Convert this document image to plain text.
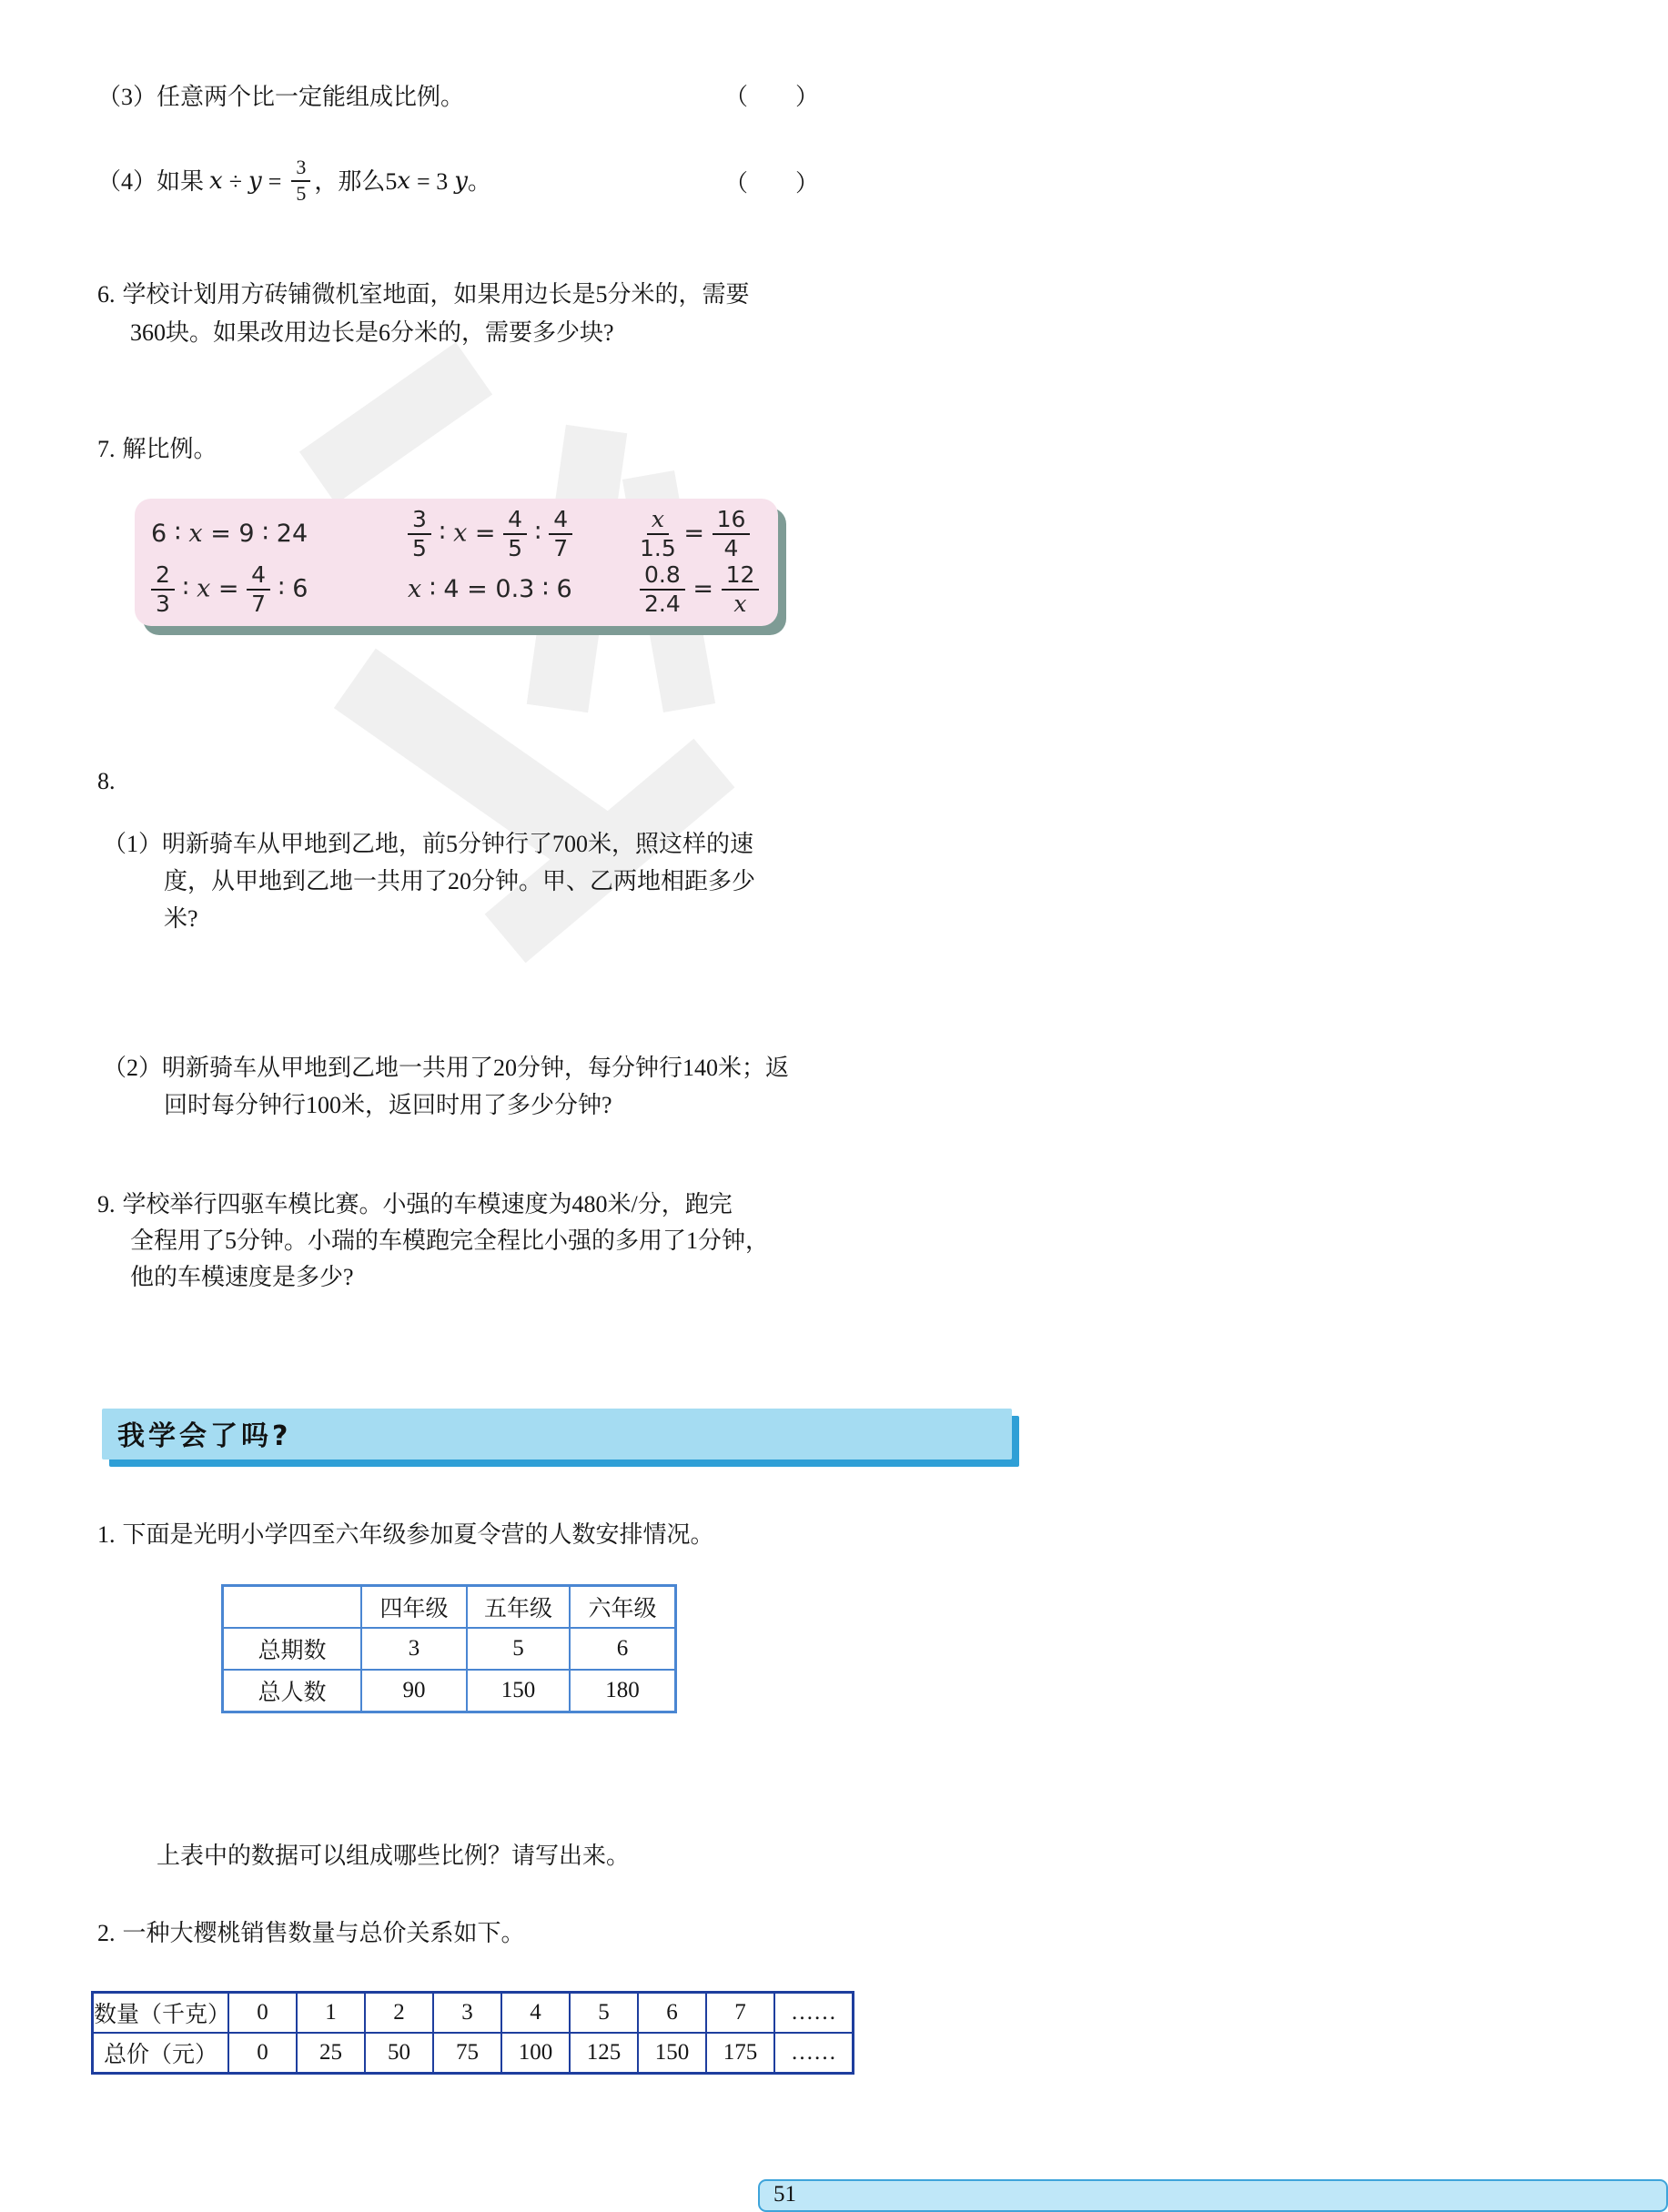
（3）任意两个比一定能组成比例。	（　　）
（4） 如果 $x \div y = \frac{3}{5}$ ，那么5 x = 3 y 。	（　　）
6. 学校计划用方砖铺微机室地面，如果用边长是5分米的，需要
360块。如果改用边长是6分米的，需要多少块?
7. 解比例。
6 ∶ x = 9 ∶ 24	$\frac{3}{5}$ ∶ $x = \frac{4}{5}$ ∶ $\frac{4}{7}$	$\frac{x}{1.5} = \frac{16}{4}$
$\frac{2}{3}$ ∶ $x = \frac{4}{7}$ ∶ 6	x ∶ 4 = 0.3 ∶ 6	$\frac{0.8}{2.4} = \frac{12}{x}$
8.
（1）明新骑车从甲地到乙地，前5分钟行了700米，照这样的速
度，从甲地到乙地一共用了20分钟。甲、乙两地相距多少
米?
（2）明新骑车从甲地到乙地一共用了20分钟，每分钟行140米；返
回时每分钟行100米，返回时用了多少分钟?
9. 学校举行四驱车模比赛。小强的车模速度为480米/分，跑完
全程用了5分钟。小瑞的车模跑完全程比小强的多用了1分钟，
他的车模速度是多少?
我学会了吗?
1. 下面是光明小学四至六年级参加夏令营的人数安排情况。
	四年级	五年级	六年级
总期数	3	5	6
总人数	90	150	180
上表中的数据可以组成哪些比例？请写出来。
2. 一种大樱桃销售数量与总价关系如下。
数量（千克）	0	1	2	3	4	5	6	7	……
总价（元）	0	25	50	75	100	125	150	175	……
51
